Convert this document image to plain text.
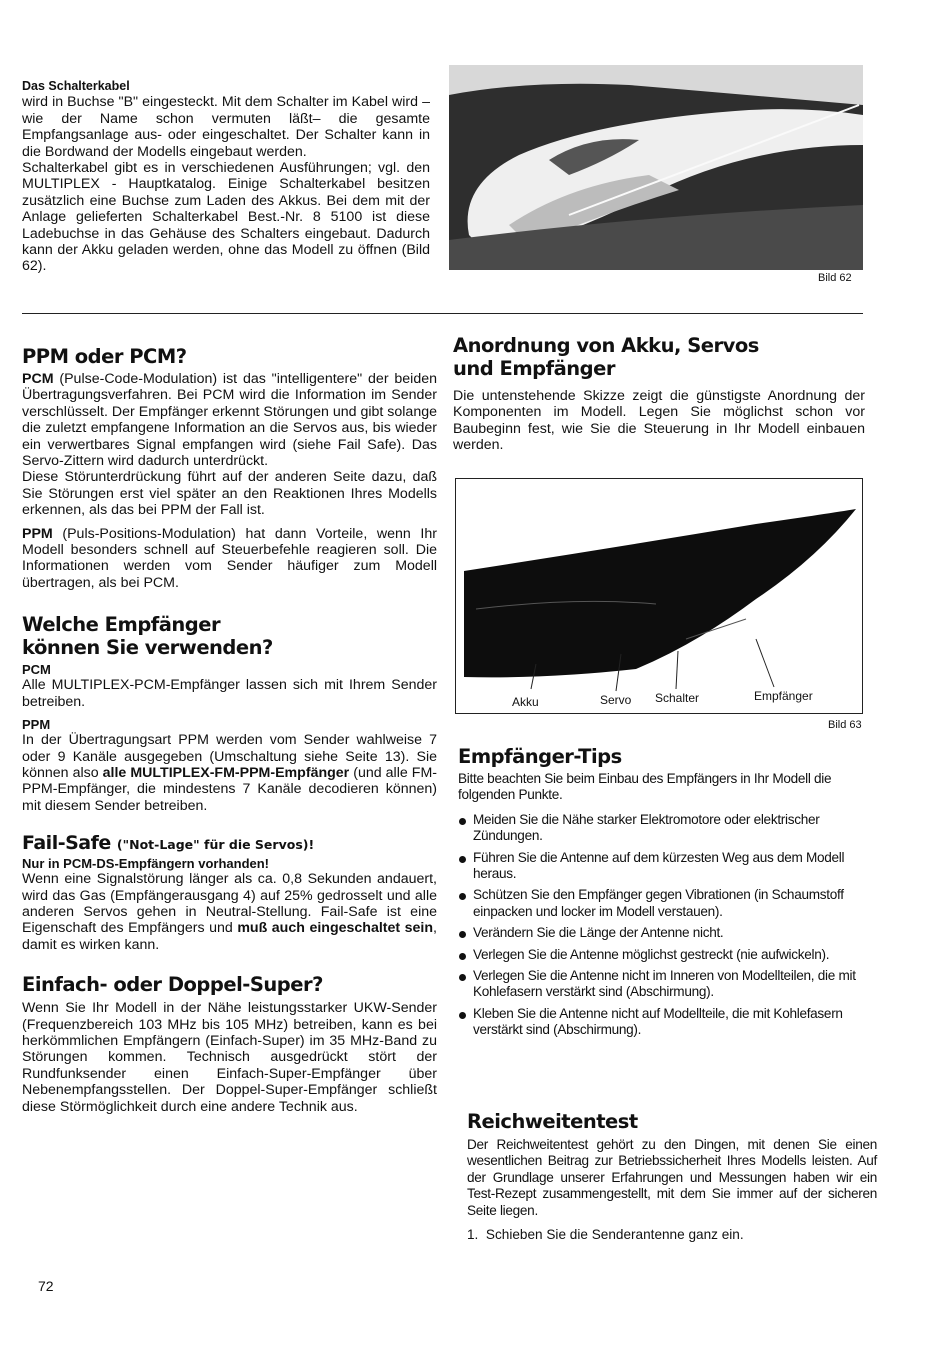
Das Schalterkabel

wird in Buchse "B" eingesteckt. Mit dem Schalter im Kabel wird –wie der Name schon vermuten läßt– die gesamte Empfangsanlage aus- oder eingeschaltet. Der Schalter kann in die Bordwand der Modells eingebaut werden.
Schalterkabel gibt es in verschiedenen Ausführungen; vgl. den MULTIPLEX - Hauptkatalog. Einige Schalterkabel besitzen zusätzlich eine Buchse zum Laden des Akkus. Bei dem mit der Anlage gelieferten Schalterkabel Best.-Nr. 8 5100 ist diese Ladebuchse in das Gehäuse des Schalters eingebaut. Dadurch kann der Akku geladen werden, ohne das Modell zu öffnen (Bild 62).

Bild 62
PPM oder PCM?

PCM (Pulse-Code-Modulation) ist das "intelligentere" der beiden Übertragungsverfahren. Bei PCM wird die Information im Sender verschlüsselt. Der Empfänger erkennt Störungen und gibt solange die zuletzt empfangene Information an die Servos aus, bis wieder ein verwertbares Signal empfangen wird (siehe Fail Safe). Das Servo-Zittern wird dadurch unterdrückt.
Diese Störunterdrückung führt auf der anderen Seite dazu, daß Sie Störungen erst viel später an den Reaktionen Ihres Modells erkennen, als das bei PPM der Fall ist.

PPM (Puls-Positions-Modulation) hat dann Vorteile, wenn Ihr Modell besonders schnell auf Steuerbefehle reagieren soll. Die Informationen werden vom Sender häufiger zum Modell übertragen, als bei PCM.

Welche Empfänger können Sie verwenden?

PCM

Alle MULTIPLEX-PCM-Empfänger lassen sich mit Ihrem Sender betreiben.

PPM

In der Übertragungsart PPM werden vom Sender wahlweise 7 oder 9 Kanäle ausgegeben (Umschaltung siehe Seite 13). Sie können also alle MULTIPLEX-FM-PPM-Empfänger (und alle FM-PPM-Empfänger, die mindestens 7 Kanäle decodieren können) mit diesem Sender betreiben.

Fail-Safe ("Not-Lage" für die Servos)!

Nur in PCM-DS-Empfängern vorhanden!

Wenn eine Signalstörung länger als ca. 0,8 Sekunden andauert, wird das Gas (Empfängerausgang 4) auf 25% gedrosselt und alle anderen Servos gehen in Neutral-Stellung. Fail-Safe ist eine Eigenschaft des Empfängers und muß auch eingeschaltet sein, damit es wirken kann.

Einfach- oder Doppel-Super?

Wenn Sie Ihr Modell in der Nähe leistungsstarker UKW-Sender (Frequenzbereich 103 MHz bis 105 MHz) betreiben, kann es bei herkömmlichen Empfängern (Einfach-Super) im 35 MHz-Band zu Störungen kommen. Technisch ausgedrückt stört der Rundfunksender einen Einfach-Super-Empfänger über Nebenempfangsstellen. Der Doppel-Super-Empfänger schließt diese Störmöglichkeit durch eine andere Technik aus.

72
Anordnung von Akku, Servos
und Empfänger

Die untenstehende Skizze zeigt die günstigste Anordnung der Komponenten im Modell. Legen Sie möglichst schon vor Baubeginn fest, wie Sie die Steuerung in Ihr Modell einbauen werden.

Akku	Servo Schalter	Empfänger
Bild 63
Empfänger-Tips

Bitte beachten Sie beim Einbau des Empfängers in Ihr Modell die folgenden Punkte.

Meiden Sie die Nähe starker Elektromotore oder elektrischer Zündungen.
Führen Sie die Antenne auf dem kürzesten Weg aus dem Modell heraus.
Schützen Sie den Empfänger gegen Vibrationen (in Schaumstoff einpacken und locker im Modell verstauen).
Verändern Sie die Länge der Antenne nicht.
Verlegen Sie die Antenne möglichst gestreckt (nie aufwickeln).
Verlegen Sie die Antenne nicht im Inneren von Modellteilen, die mit Kohlefasern verstärkt sind (Abschirmung).
Kleben Sie die Antenne nicht auf Modellteile, die mit Kohlefasern verstärkt sind (Abschirmung).
Reichweitentest

Der Reichweitentest gehört zu den Dingen, mit denen Sie einen wesentlichen Beitrag zur Betriebssicherheit Ihres Modells leisten. Auf der Grundlage unserer Erfahrungen und Messungen haben wir ein Test-Rezept zusammengestellt, mit dem Sie immer auf der sicheren Seite liegen.

1. Schieben Sie die Senderantenne ganz ein.
